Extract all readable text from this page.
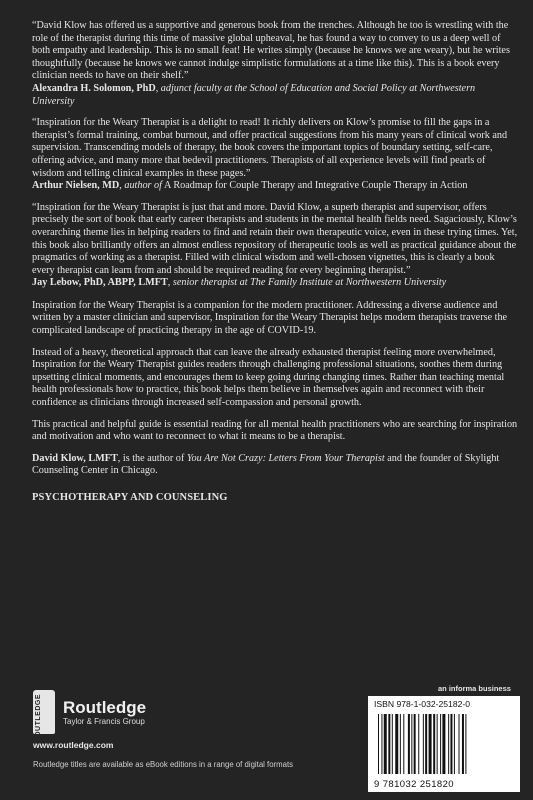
“David Klow has offered us a supportive and generous book from the trenches. Although he too is wrestling with the role of the therapist during this time of massive global upheaval, he has found a way to convey to us a deep well of both empathy and leadership. This is no small feat! He writes simply (because he knows we are weary), but he writes thoughtfully (because he knows we cannot indulge simplistic formulations at a time like this). This is a book every clinician needs to have on their shelf.”
Alexandra H. Solomon, PhD, adjunct faculty at the School of Education and Social Policy at Northwestern University

“Inspiration for the Weary Therapist is a delight to read! It richly delivers on Klow’s promise to fill the gaps in a therapist’s formal training, combat burnout, and offer practical suggestions from his many years of clinical work and supervision. Transcending models of therapy, the book covers the important topics of boundary setting, self-care, offering advice, and many more that bedevil practitioners. Therapists of all experience levels will find pearls of wisdom and telling clinical examples in these pages.”
Arthur Nielsen, MD, author of A Roadmap for Couple Therapy and Integrative Couple Therapy in Action

“Inspiration for the Weary Therapist is just that and more. David Klow, a superb therapist and supervisor, offers precisely the sort of book that early career therapists and students in the mental health fields need. Sagaciously, Klow’s overarching theme lies in helping readers to find and retain their own therapeutic voice, even in these trying times. Yet, this book also brilliantly offers an almost endless repository of therapeutic tools as well as practical guidance about the pragmatics of working as a therapist. Filled with clinical wisdom and well-chosen vignettes, this is clearly a book every therapist can learn from and should be required reading for every beginning therapist.”
Jay Lebow, PhD, ABPP, LMFT, senior therapist at The Family Institute at Northwestern University

Inspiration for the Weary Therapist is a companion for the modern practitioner. Addressing a diverse audience and written by a master clinician and supervisor, Inspiration for the Weary Therapist helps modern therapists traverse the complicated landscape of practicing therapy in the age of COVID-19.

Instead of a heavy, theoretical approach that can leave the already exhausted therapist feeling more overwhelmed, Inspiration for the Weary Therapist guides readers through challenging professional situations, soothes them during upsetting clinical moments, and encourages them to keep going during changing times. Rather than teaching mental health professionals how to practice, this book helps them believe in themselves again and reconnect with their confidence as clinicians through increased self-compassion and personal growth.

This practical and helpful guide is essential reading for all mental health practitioners who are searching for inspiration and motivation and who want to reconnect to what it means to be a therapist.

David Klow, LMFT, is the author of You Are Not Crazy: Letters From Your Therapist and the founder of Skylight Counseling Center in Chicago.

PSYCHOTHERAPY AND COUNSELING

ROUTLEDGE Routledge
Taylor & Francis Group
www.routledge.com
Routledge titles are available as eBook editions in a range of digital formats
an informa business
ISBN 978-1-032-25182-0
9 781032 251820
